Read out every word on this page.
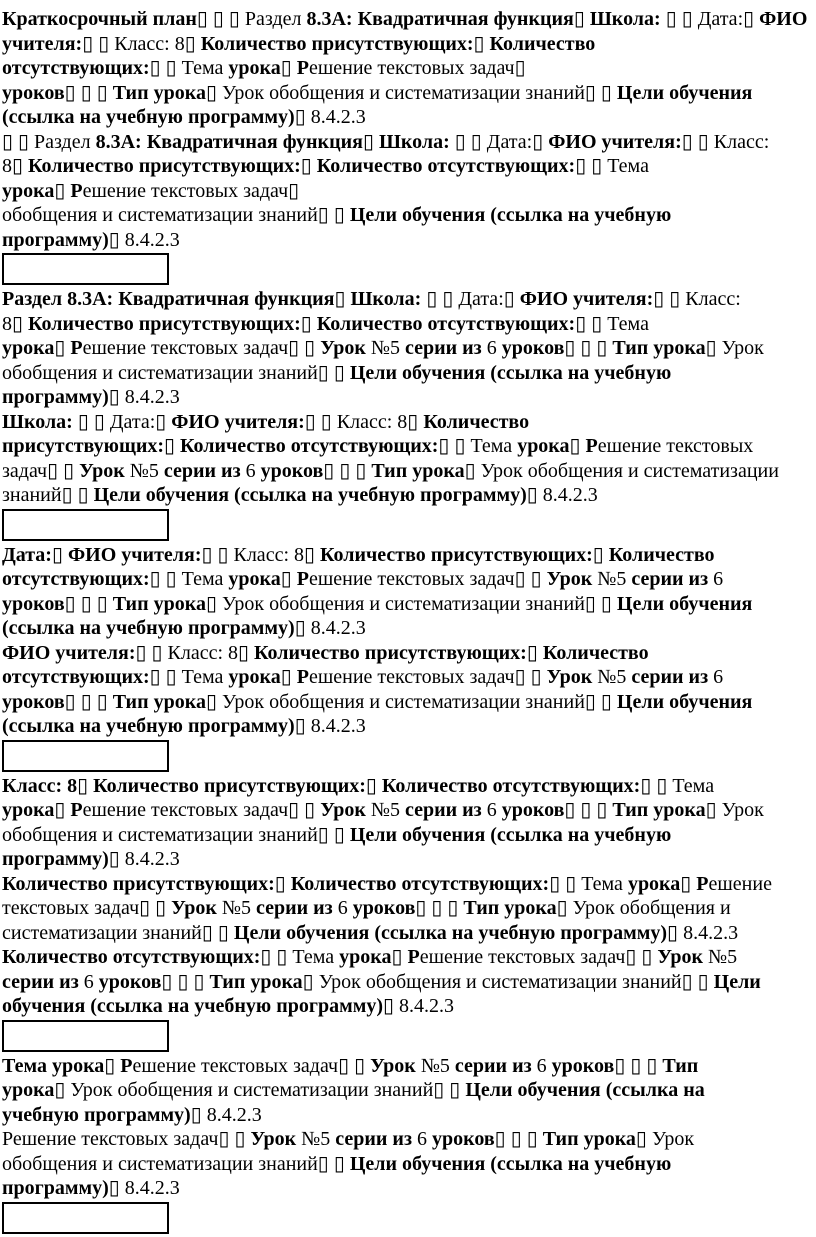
Краткосрочный план▯ ▯ ▯ Раздел 8.3А: Квадратичная функция▯ Школа: ▯ ▯ Дата:▯ ФИО
учителя:▯ ▯ Класс: 8▯ Количество присутствующих:▯ Количество
отсутствующих:▯ ▯ Тема урока▯ Решение текстовых задач▯
уроков▯ ▯ ▯ Тип урока▯ Урок обобщения и систематизации знаний▯ ▯ Цели обучения
(ссылка на учебную программу)▯ 8.4.2.3
▯ ▯ Раздел 8.3А: Квадратичная функция▯ Школа: ▯ ▯ Дата:▯ ФИО учителя:▯ ▯ Класс:
8▯ Количество присутствующих:▯ Количество отсутствующих:▯ ▯ Тема
урока▯ Решение текстовых задач▯
обобщения и систематизации знаний▯ ▯ Цели обучения (ссылка на учебную
программу)▯ 8.4.2.3
Раздел 8.3А: Квадратичная функция▯ Школа: ▯ ▯ Дата:▯ ФИО учителя:▯ ▯ Класс:
8▯ Количество присутствующих:▯ Количество отсутствующих:▯ ▯ Тема
урока▯ Решение текстовых задач▯ ▯ Урок №5 серии из 6 уроков▯ ▯ ▯ Тип урока▯ Урок
обобщения и систематизации знаний▯ ▯ Цели обучения (ссылка на учебную
программу)▯ 8.4.2.3
Школа: ▯ ▯ Дата:▯ ФИО учителя:▯ ▯ Класс: 8▯ Количество
присутствующих:▯ Количество отсутствующих:▯ ▯ Тема урока▯ Решение текстовых
задач▯ ▯ Урок №5 серии из 6 уроков▯ ▯ ▯ Тип урока▯ Урок обобщения и систематизации
знаний▯ ▯ Цели обучения (ссылка на учебную программу)▯ 8.4.2.3
Дата:▯ ФИО учителя:▯ ▯ Класс: 8▯ Количество присутствующих:▯ Количество
отсутствующих:▯ ▯ Тема урока▯ Решение текстовых задач▯ ▯ Урок №5 серии из 6
уроков▯ ▯ ▯ Тип урока▯ Урок обобщения и систематизации знаний▯ ▯ Цели обучения
(ссылка на учебную программу)▯ 8.4.2.3
ФИО учителя:▯ ▯ Класс: 8▯ Количество присутствующих:▯ Количество
отсутствующих:▯ ▯ Тема урока▯ Решение текстовых задач▯ ▯ Урок №5 серии из 6
уроков▯ ▯ ▯ Тип урока▯ Урок обобщения и систематизации знаний▯ ▯ Цели обучения
(ссылка на учебную программу)▯ 8.4.2.3
Класс: 8▯ Количество присутствующих:▯ Количество отсутствующих:▯ ▯ Тема
урока▯ Решение текстовых задач▯ ▯ Урок №5 серии из 6 уроков▯ ▯ ▯ Тип урока▯ Урок
обобщения и систематизации знаний▯ ▯ Цели обучения (ссылка на учебную
программу)▯ 8.4.2.3
Количество присутствующих:▯ Количество отсутствующих:▯ ▯ Тема урока▯ Решение
текстовых задач▯ ▯ Урок №5 серии из 6 уроков▯ ▯ ▯ Тип урока▯ Урок обобщения и
систематизации знаний▯ ▯ Цели обучения (ссылка на учебную программу)▯ 8.4.2.3
Количество отсутствующих:▯ ▯ Тема урока▯ Решение текстовых задач▯ ▯ Урок №5
серии из 6 уроков▯ ▯ ▯ Тип урока▯ Урок обобщения и систематизации знаний▯ ▯ Цели
обучения (ссылка на учебную программу)▯ 8.4.2.3
Тема урока▯ Решение текстовых задач▯ ▯ Урок №5 серии из 6 уроков▯ ▯ ▯ Тип
урока▯ Урок обобщения и систематизации знаний▯ ▯ Цели обучения (ссылка на
учебную программу)▯ 8.4.2.3
Решение текстовых задач▯ ▯ Урок №5 серии из 6 уроков▯ ▯ ▯ Тип урока▯ Урок
обобщения и систематизации знаний▯ ▯ Цели обучения (ссылка на учебную
программу)▯ 8.4.2.3
